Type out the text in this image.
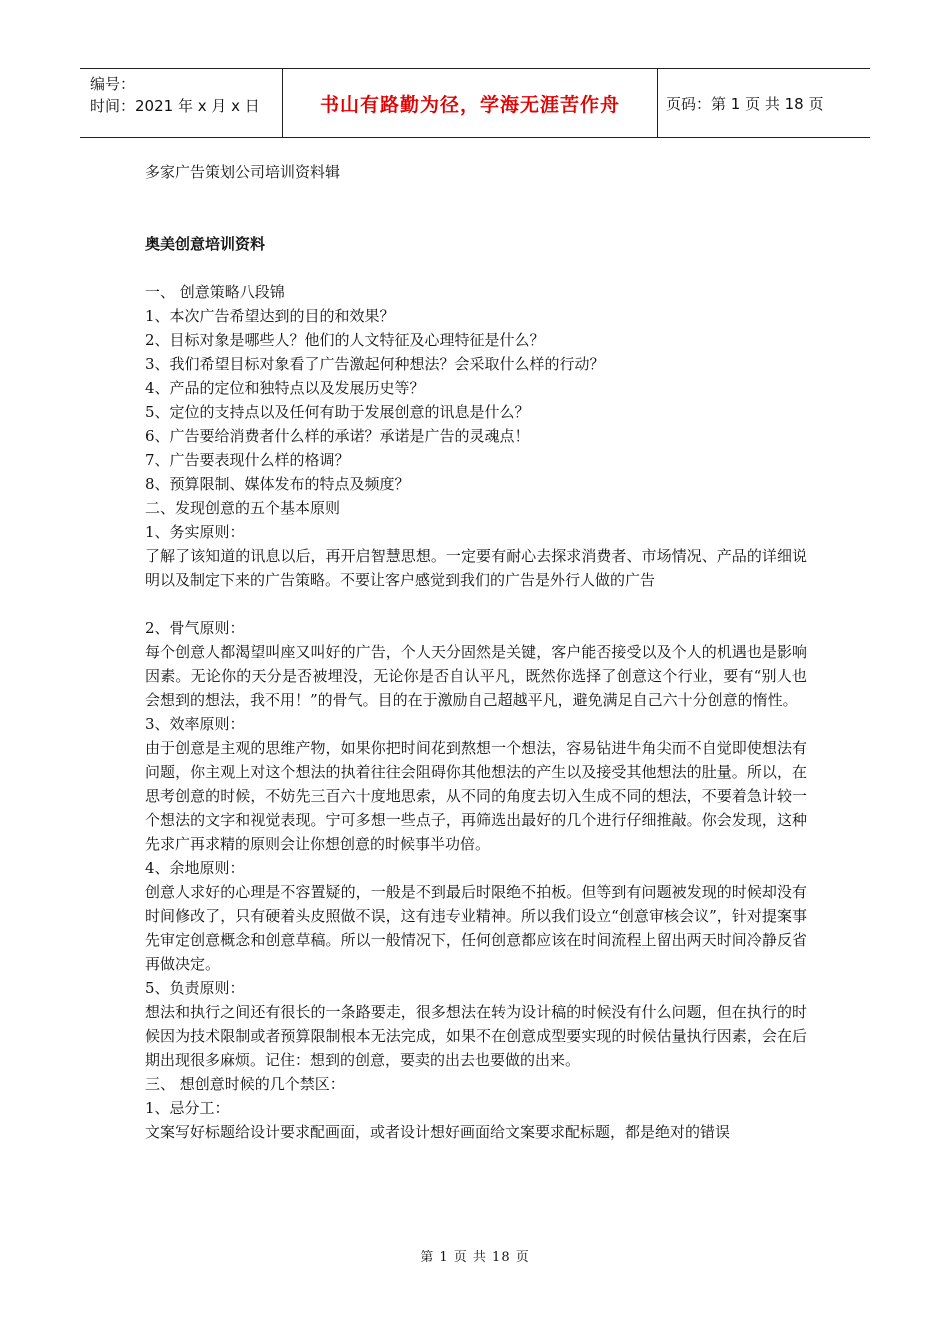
编号：
时间：2021 年 x 月 x 日	书山有路勤为径，学海无涯苦作舟	页码：第 1 页 共 18 页

多家广告策划公司培训资料辑

奥美创意培训资料

一、 创意策略八段锦

1、本次广告希望达到的目的和效果？

2、目标对象是哪些人？他们的人文特征及心理特征是什么？

3、我们希望目标对象看了广告激起何种想法？会采取什么样的行动？

4、产品的定位和独特点以及发展历史等？

5、定位的支持点以及任何有助于发展创意的讯息是什么？

6、广告要给消费者什么样的承诺？承诺是广告的灵魂点！

7、广告要表现什么样的格调？

8、预算限制、媒体发布的特点及频度？

二、发现创意的五个基本原则

1、务实原则：

了解了该知道的讯息以后，再开启智慧思想。一定要有耐心去探求消费者、市场情况、产品的详细说明以及制定下来的广告策略。不要让客户感觉到我们的广告是外行人做的广告

2、骨气原则：

每个创意人都渴望叫座又叫好的广告，个人天分固然是关键，客户能否接受以及个人的机遇也是影响因素。无论你的天分是否被埋没，无论你是否自认平凡，既然你选择了创意这个行业，要有“别人也会想到的想法，我不用！”的骨气。目的在于激励自己超越平凡，避免满足自己六十分创意的惰性。

3、效率原则：

由于创意是主观的思维产物，如果你把时间花到熬想一个想法，容易钻进牛角尖而不自觉即使想法有问题，你主观上对这个想法的执着往往会阻碍你其他想法的产生以及接受其他想法的肚量。所以，在思考创意的时候，不妨先三百六十度地思索，从不同的角度去切入生成不同的想法，不要着急计较一个想法的文字和视觉表现。宁可多想一些点子，再筛选出最好的几个进行仔细推敲。你会发现，这种先求广再求精的原则会让你想创意的时候事半功倍。

4、余地原则：

创意人求好的心理是不容置疑的，一般是不到最后时限绝不拍板。但等到有问题被发现的时候却没有时间修改了，只有硬着头皮照做不误，这有违专业精神。所以我们设立“创意审核会议”，针对提案事先审定创意概念和创意草稿。所以一般情况下，任何创意都应该在时间流程上留出两天时间冷静反省再做决定。

5、负责原则：

想法和执行之间还有很长的一条路要走，很多想法在转为设计稿的时候没有什么问题，但在执行的时候因为技术限制或者预算限制根本无法完成，如果不在创意成型要实现的时候估量执行因素，会在后期出现很多麻烦。记住：想到的创意，要卖的出去也要做的出来。

三、 想创意时候的几个禁区：

1、忌分工：

文案写好标题给设计要求配画面，或者设计想好画面给文案要求配标题，都是绝对的错误

第 1 页 共 18 页
